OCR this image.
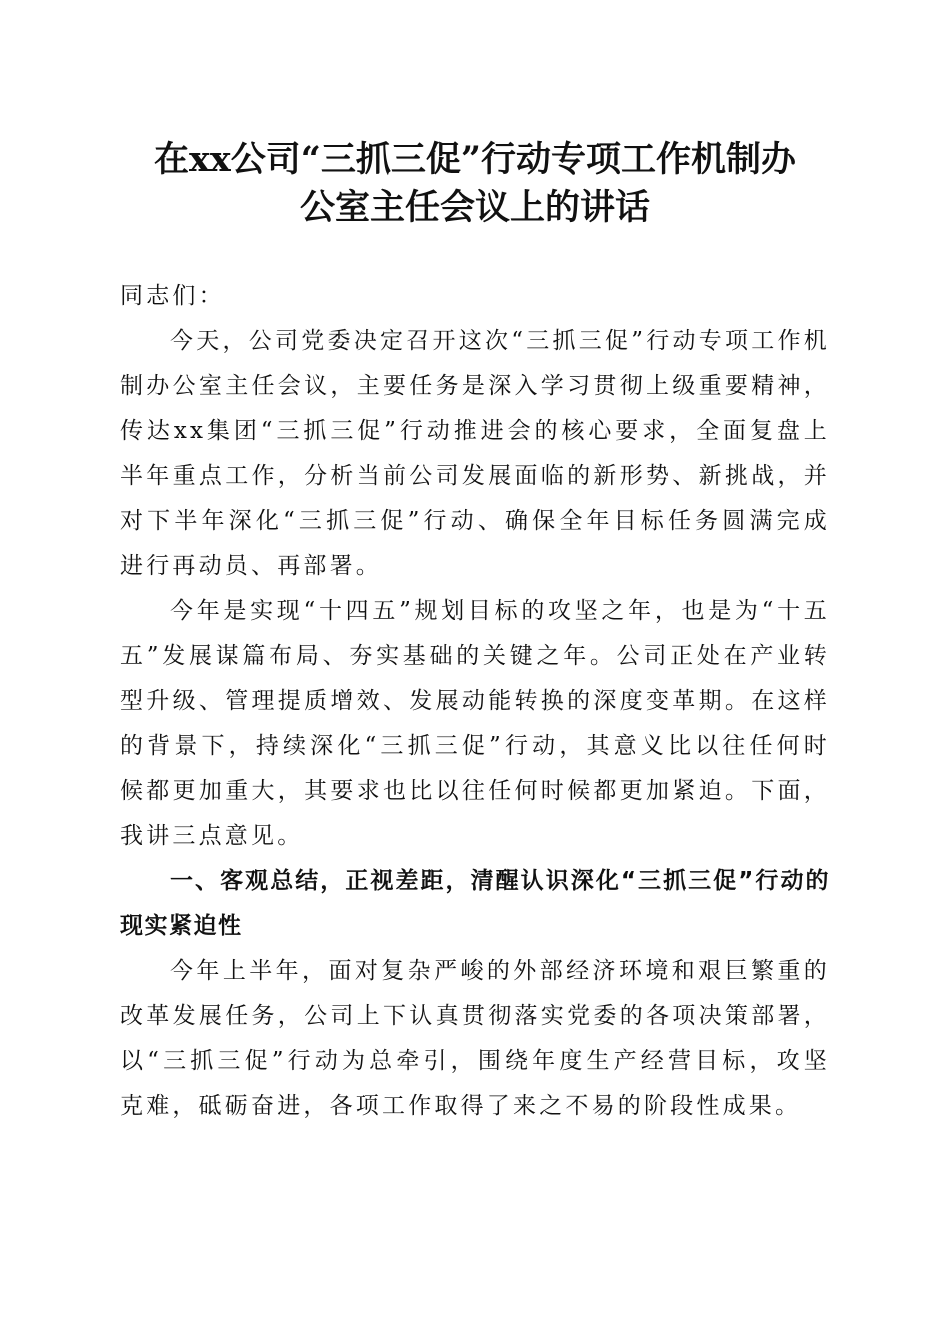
在xx公司“三抓三促”行动专项工作机制办
公室主任会议上的讲话

同志们：

今天，公司党委决定召开这次“三抓三促”行动专项工作机制办公室主任会议，主要任务是深入学习贯彻上级重要精神，传达xx集团“三抓三促”行动推进会的核心要求，全面复盘上半年重点工作，分析当前公司发展面临的新形势、新挑战，并对下半年深化“三抓三促”行动、确保全年目标任务圆满完成进行再动员、再部署。

今年是实现“十四五”规划目标的攻坚之年，也是为“十五五”发展谋篇布局、夯实基础的关键之年。公司正处在产业转型升级、管理提质增效、发展动能转换的深度变革期。在这样的背景下，持续深化“三抓三促”行动，其意义比以往任何时候都更加重大，其要求也比以往任何时候都更加紧迫。下面，我讲三点意见。

一、客观总结，正视差距，清醒认识深化“三抓三促”行动的现实紧迫性

今年上半年，面对复杂严峻的外部经济环境和艰巨繁重的改革发展任务，公司上下认真贯彻落实党委的各项决策部署，以“三抓三促”行动为总牵引，围绕年度生产经营目标，攻坚克难，砥砺奋进，各项工作取得了来之不易的阶段性成果。
